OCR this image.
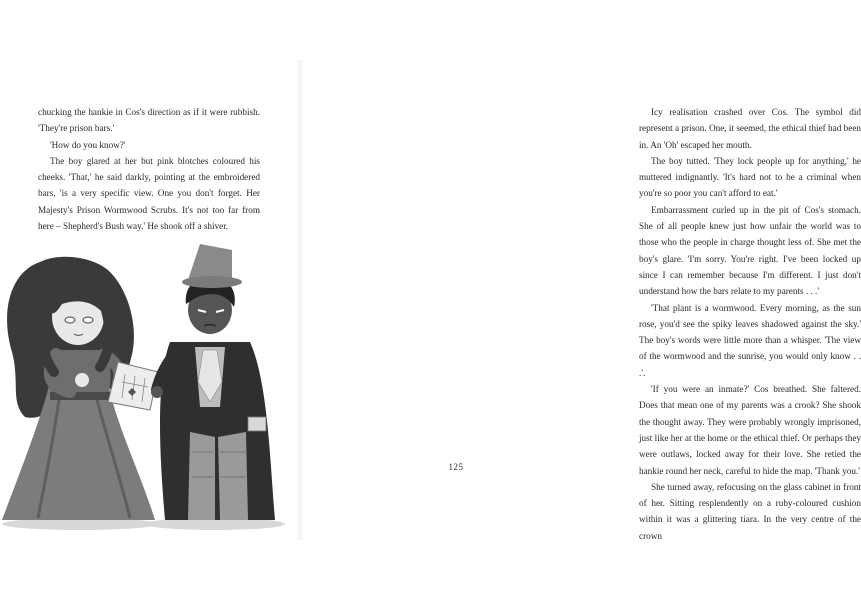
chucking the hankie in Cos's direction as if it were rubbish. 'They're prison bars.'

'How do you know?'

The boy glared at her but pink blotches coloured his cheeks. 'That,' he said darkly, pointing at the embroidered bars, 'is a very specific view. One you don't forget. Her Majesty's Prison Wormwood Scrubs. It's not too far from here – Shepherd's Bush way.' He shook off a shiver.

Icy realisation crashed over Cos. The symbol did represent a prison. One, it seemed, the ethical thief had been in. An 'Oh' escaped her mouth.

The boy tutted. 'They lock people up for anything,' he muttered indignantly. 'It's hard not to be a criminal when you're so poor you can't afford to eat.'

Embarrassment curled up in the pit of Cos's stomach. She of all people knew just how unfair the world was to those who the people in charge thought less of. She met the boy's glare. 'I'm sorry. You're right. I've been locked up since I can remember because I'm different. I just don't understand how the bars relate to my parents . . .'

'That plant is a wormwood. Every morning, as the sun rose, you'd see the spiky leaves shadowed against the sky.' The boy's words were little more than a whisper. 'The view of the wormwood and the sunrise, you would only know . . .'.

'If you were an inmate?' Cos breathed. She faltered. Does that mean one of my parents was a crook? She shook the thought away. They were probably wrongly imprisoned, just like her at the home or the ethical thief. Or perhaps they were outlaws, locked away for their love. She retied the hankie round her neck, careful to hide the map. 'Thank you.'

She turned away, refocusing on the glass cabinet in front of her. Sitting resplendently on a ruby-coloured cushion within it was a glittering tiara. In the very centre of the crown

125
